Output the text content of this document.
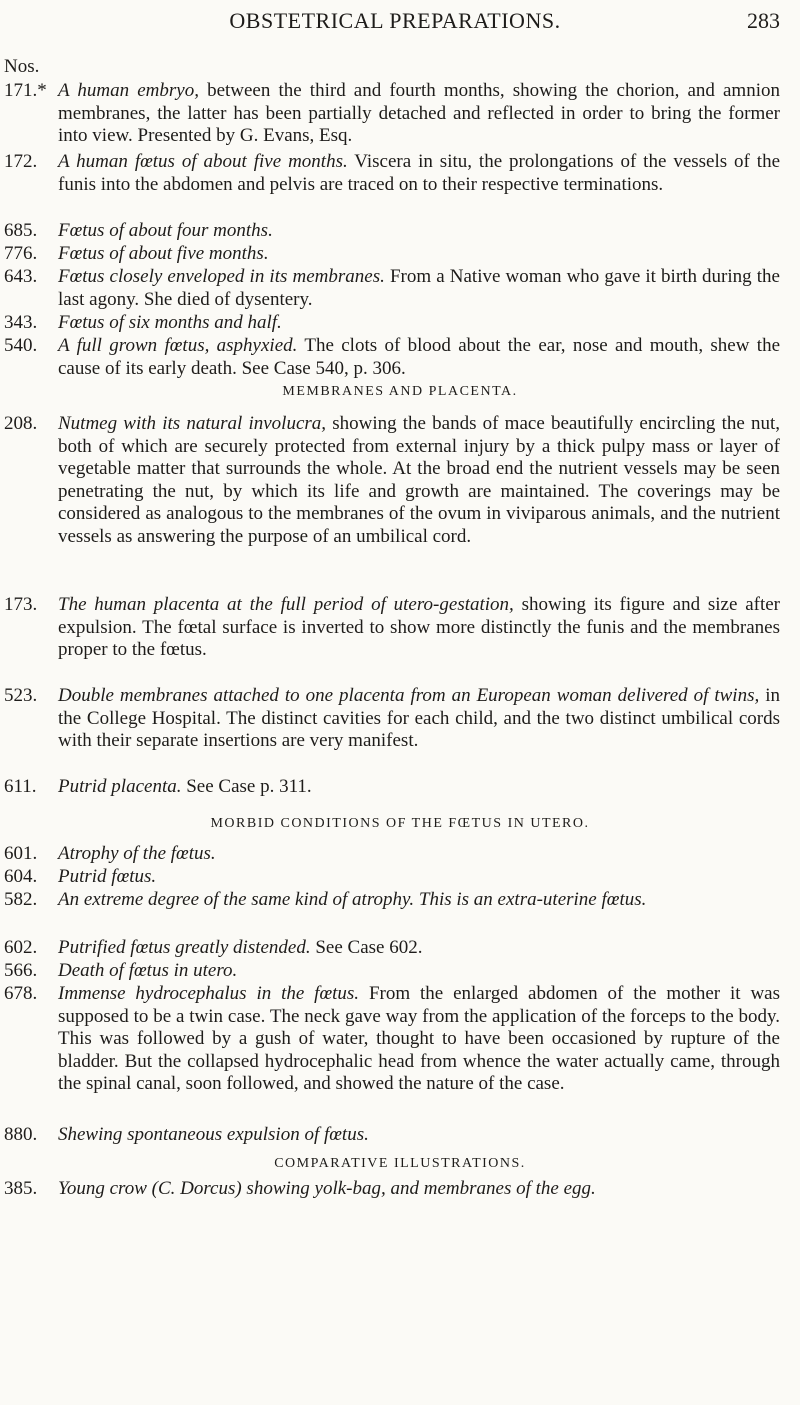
OBSTETRICAL PREPARATIONS.	283
Nos.
171.* A human embryo, between the third and fourth months, showing the chorion, and amnion membranes, the latter has been partially detached and reflected in order to bring the former into view. Presented by G. Evans, Esq.
172. A human fœtus of about five months. Viscera in situ, the prolongations of the vessels of the funis into the abdomen and pelvis are traced on to their respective terminations.
685. Fœtus of about four months.
776. Fœtus of about five months.
643. Fœtus closely enveloped in its membranes. From a Native woman who gave it birth during the last agony. She died of dysentery.
343. Fœtus of six months and half.
540. A full grown fœtus, asphyxied. The clots of blood about the ear, nose and mouth, shew the cause of its early death. See Case 540, p. 306.
MEMBRANES AND PLACENTA.
208. Nutmeg with its natural involucra, showing the bands of mace beautifully encircling the nut, both of which are securely protected from external injury by a thick pulpy mass or layer of vegetable matter that surrounds the whole. At the broad end the nutrient vessels may be seen penetrating the nut, by which its life and growth are maintained. The coverings may be considered as analogous to the membranes of the ovum in viviparous animals, and the nutrient vessels as answering the purpose of an umbilical cord.
173. The human placenta at the full period of utero-gestation, showing its figure and size after expulsion. The fœtal surface is inverted to show more distinctly the funis and the membranes proper to the fœtus.
523. Double membranes attached to one placenta from an European woman delivered of twins, in the College Hospital. The distinct cavities for each child, and the two distinct umbilical cords with their separate insertions are very manifest.
611. Putrid placenta. See Case p. 311.
MORBID CONDITIONS OF THE FŒTUS IN UTERO.
601. Atrophy of the fœtus.
604. Putrid fœtus.
582. An extreme degree of the same kind of atrophy. This is an extra-uterine fœtus.
602. Putrified fœtus greatly distended. See Case 602.
566. Death of fœtus in utero.
678. Immense hydrocephalus in the fœtus. From the enlarged abdomen of the mother it was supposed to be a twin case. The neck gave way from the application of the forceps to the body. This was followed by a gush of water, thought to have been occasioned by rupture of the bladder. But the collapsed hydrocephalic head from whence the water actually came, through the spinal canal, soon followed, and showed the nature of the case.
880. Shewing spontaneous expulsion of fœtus.
COMPARATIVE ILLUSTRATIONS.
385. Young crow (C. Dorcus) showing yolk-bag, and membranes of the egg.
